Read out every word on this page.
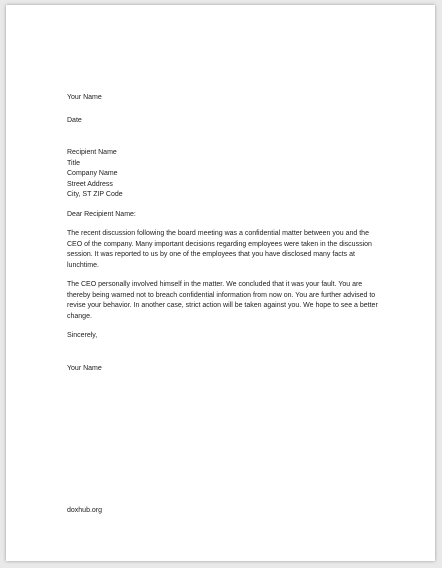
Your Name
Date
Recipient Name
Title
Company Name
Street Address
City, ST ZIP Code
Dear Recipient Name:

The recent discussion following the board meeting was a confidential matter between you and the CEO of the company. Many important decisions regarding employees were taken in the discussion session. It was reported to us by one of the employees that you have disclosed many facts at lunchtime.

The CEO personally involved himself in the matter. We concluded that it was your fault. You are thereby being warned not to breach confidential information from now on. You are further advised to revise your behavior. In another case, strict action will be taken against you. We hope to see a better change.

Sincerely,
Your Name
doxhub.org
